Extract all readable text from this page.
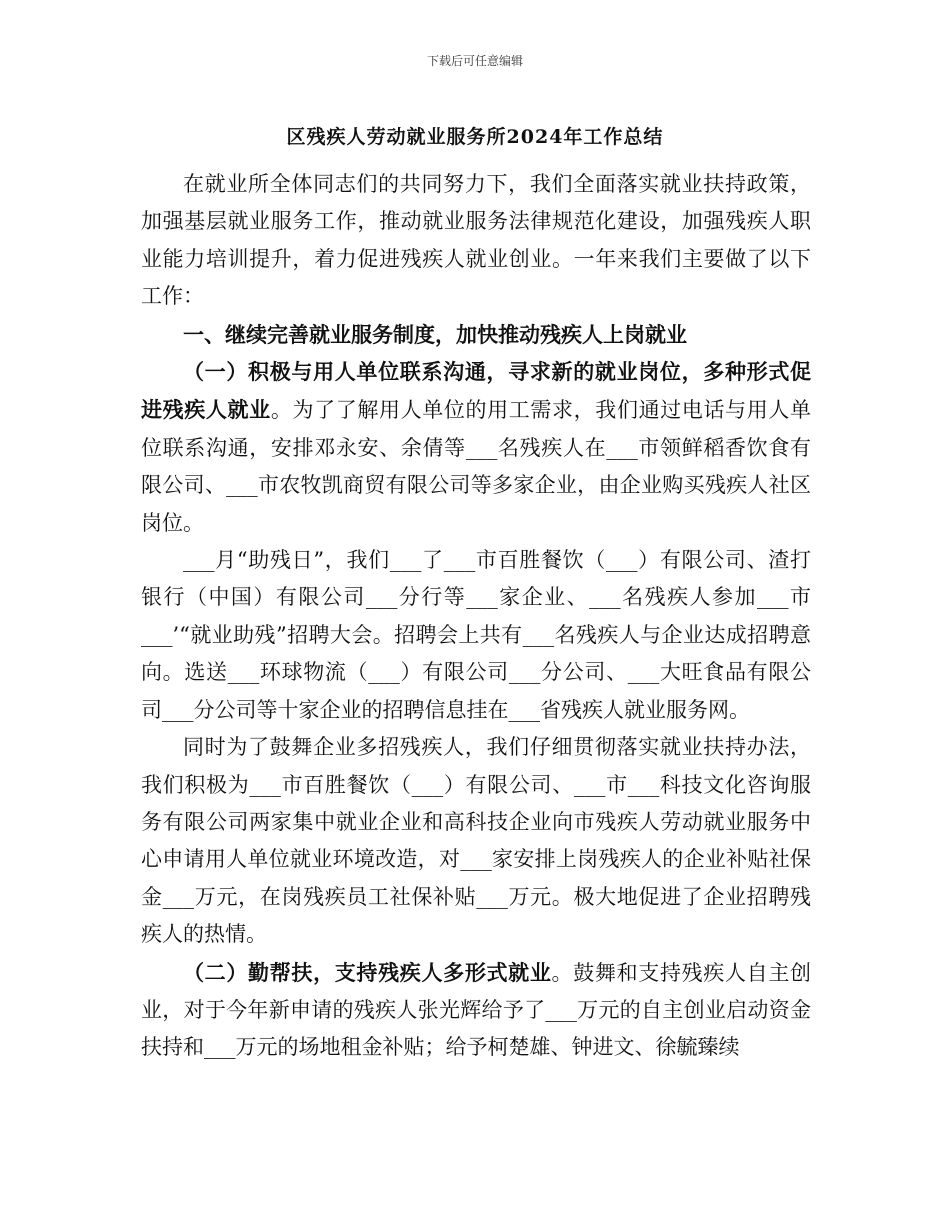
下载后可任意编辑
区残疾人劳动就业服务所2024年工作总结

在就业所全体同志们的共同努力下，我们全面落实就业扶持政策，加强基层就业服务工作，推动就业服务法律规范化建设，加强残疾人职业能力培训提升，着力促进残疾人就业创业。一年来我们主要做了以下工作：

一、继续完善就业服务制度，加快推动残疾人上岗就业

（一）积极与用人单位联系沟通，寻求新的就业岗位，多种形式促进残疾人就业。为了了解用人单位的用工需求，我们通过电话与用人单位联系沟通，安排邓永安、余倩等___名残疾人在___市领鲜稻香饮食有限公司、___市农牧凯商贸有限公司等多家企业，由企业购买残疾人社区岗位。

___月“助残日”，我们___了___市百胜餐饮（___）有限公司、渣打银行（中国）有限公司___分行等___家企业、___名残疾人参加___市___’“就业助残”招聘大会。招聘会上共有___名残疾人与企业达成招聘意向。选送___环球物流（___）有限公司___分公司、___大旺食品有限公司___分公司等十家企业的招聘信息挂在___省残疾人就业服务网。

同时为了鼓舞企业多招残疾人，我们仔细贯彻落实就业扶持办法，我们积极为___市百胜餐饮（___）有限公司、___市___科技文化咨询服务有限公司两家集中就业企业和高科技企业向市残疾人劳动就业服务中心申请用人单位就业环境改造，对___家安排上岗残疾人的企业补贴社保金___万元，在岗残疾员工社保补贴___万元。极大地促进了企业招聘残疾人的热情。

（二）勤帮扶，支持残疾人多形式就业。鼓舞和支持残疾人自主创业，对于今年新申请的残疾人张光辉给予了___万元的自主创业启动资金扶持和___万元的场地租金补贴；给予柯楚雄、钟进文、徐毓臻续
